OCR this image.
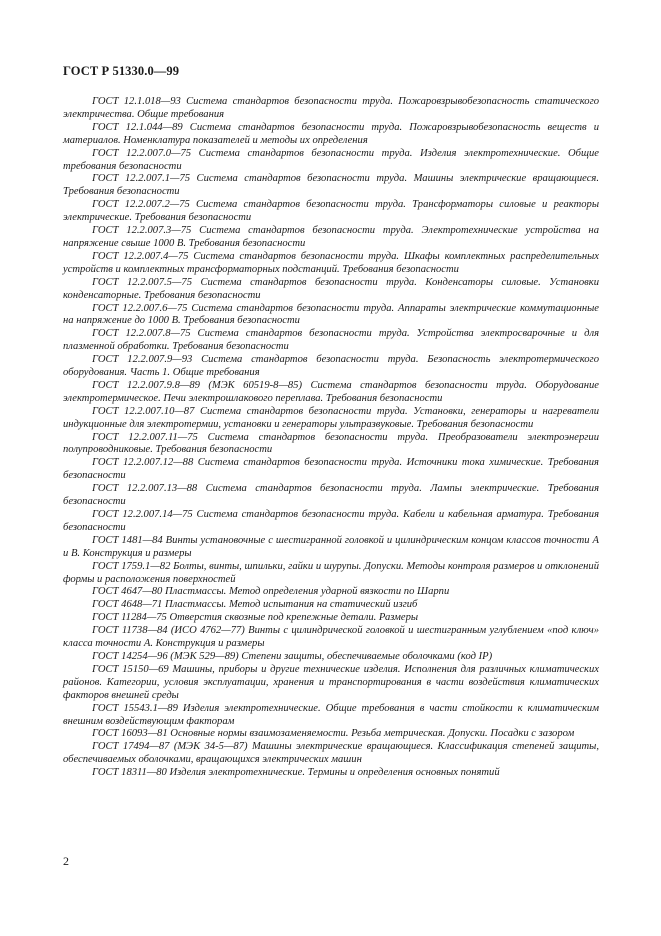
ГОСТ Р 51330.0—99

ГОСТ 12.1.018—93 Система стандартов безопасности труда. Пожаровзрывобезопасность статического электричества. Общие требования

ГОСТ 12.1.044—89 Система стандартов безопасности труда. Пожаровзрывобезопасность веществ и материалов. Номенклатура показателей и методы их определения

ГОСТ 12.2.007.0—75 Система стандартов безопасности труда. Изделия электротехнические. Общие требования безопасности

ГОСТ 12.2.007.1—75 Система стандартов безопасности труда. Машины электрические вращающиеся. Требования безопасности

ГОСТ 12.2.007.2—75 Система стандартов безопасности труда. Трансформаторы силовые и реакторы электрические. Требования безопасности

ГОСТ 12.2.007.3—75 Система стандартов безопасности труда. Электротехнические устройства на напряжение свыше 1000 В. Требования безопасности

ГОСТ 12.2.007.4—75 Система стандартов безопасности труда. Шкафы комплектных распределительных устройств и комплектных трансформаторных подстанций. Требования безопасности

ГОСТ 12.2.007.5—75 Система стандартов безопасности труда. Конденсаторы силовые. Установки конденсаторные. Требования безопасности

ГОСТ 12.2.007.6—75 Система стандартов безопасности труда. Аппараты электрические коммутационные на напряжение до 1000 В. Требования безопасности

ГОСТ 12.2.007.8—75 Система стандартов безопасности труда. Устройства электросварочные и для плазменной обработки. Требования безопасности

ГОСТ 12.2.007.9—93 Система стандартов безопасности труда. Безопасность электротермического оборудования. Часть 1. Общие требования

ГОСТ 12.2.007.9.8—89 (МЭК 60519-8—85) Система стандартов безопасности труда. Оборудование электротермическое. Печи электрошлакового переплава. Требования безопасности

ГОСТ 12.2.007.10—87 Система стандартов безопасности труда. Установки, генераторы и нагреватели индукционные для электротермии, установки и генераторы ультразвуковые. Требования безопасности

ГОСТ 12.2.007.11—75 Система стандартов безопасности труда. Преобразователи электроэнергии полупроводниковые. Требования безопасности

ГОСТ 12.2.007.12—88 Система стандартов безопасности труда. Источники тока химические. Требования безопасности

ГОСТ 12.2.007.13—88 Система стандартов безопасности труда. Лампы электрические. Требования безопасности

ГОСТ 12.2.007.14—75 Система стандартов безопасности труда. Кабели и кабельная арматура. Требования безопасности

ГОСТ 1481—84 Винты установочные с шестигранной головкой и цилиндрическим концом классов точности А и В. Конструкция и размеры

ГОСТ 1759.1—82 Болты, винты, шпильки, гайки и шурупы. Допуски. Методы контроля размеров и отклонений формы и расположения поверхностей

ГОСТ 4647—80 Пластмассы. Метод определения ударной вязкости по Шарпи

ГОСТ 4648—71 Пластмассы. Метод испытания на статический изгиб

ГОСТ 11284—75 Отверстия сквозные под крепежные детали. Размеры

ГОСТ 11738—84 (ИСО 4762—77) Винты с цилиндрической головкой и шестигранным углублением «под ключ» класса точности А. Конструкция и размеры

ГОСТ 14254—96 (МЭК 529—89) Степени защиты, обеспечиваемые оболочками (код IP)

ГОСТ 15150—69 Машины, приборы и другие технические изделия. Исполнения для различных климатических районов. Категории, условия эксплуатации, хранения и транспортирования в части воздействия климатических факторов внешней среды

ГОСТ 15543.1—89 Изделия электротехнические. Общие требования в части стойкости к климатическим внешним воздействующим факторам

ГОСТ 16093—81 Основные нормы взаимозаменяемости. Резьба метрическая. Допуски. Посадки с зазором

ГОСТ 17494—87 (МЭК 34-5—87) Машины электрические вращающиеся. Классификация степеней защиты, обеспечиваемых оболочками, вращающихся электрических машин

ГОСТ 18311—80 Изделия электротехнические. Термины и определения основных понятий

2
